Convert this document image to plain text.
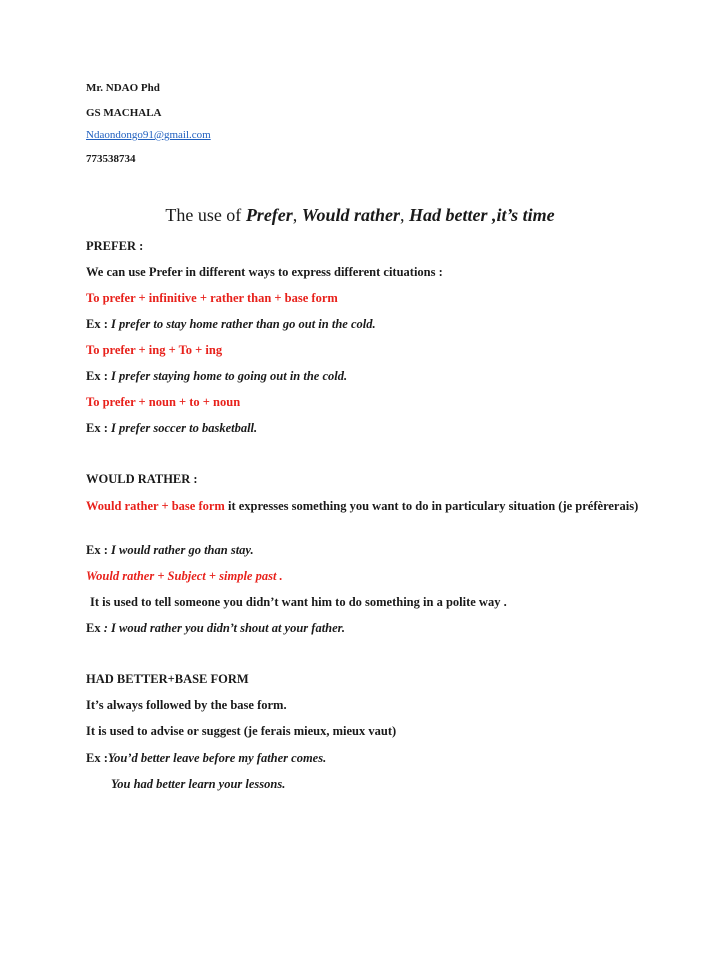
Mr. NDAO Phd
GS MACHALA
Ndaondongo91@gmail.com
773538734
The use of Prefer, Would rather, Had better ,it’s time
PREFER :
We can use Prefer in different ways to express different cituations :
To prefer + infinitive + rather than + base form
Ex : I prefer to stay home rather than go out in the cold.
To prefer + ing + To + ing
Ex : I prefer staying home to going out in the cold.
To prefer + noun + to + noun
Ex : I prefer soccer to basketball.
WOULD RATHER :
Would rather + base form it expresses something you want to do in particulary situation (je préfèrerais)
Ex : I would rather go than stay.
Would rather + Subject + simple past .
It is used to tell someone you didn’t want him to do something in a polite way .
Ex : I woud rather you didn’t shout at your father.
HAD BETTER+BASE FORM
It’s always followed by the base form.
It is used to advise or suggest (je ferais mieux, mieux vaut)
Ex :You’d better leave before my father comes.
You had better learn your lessons.
